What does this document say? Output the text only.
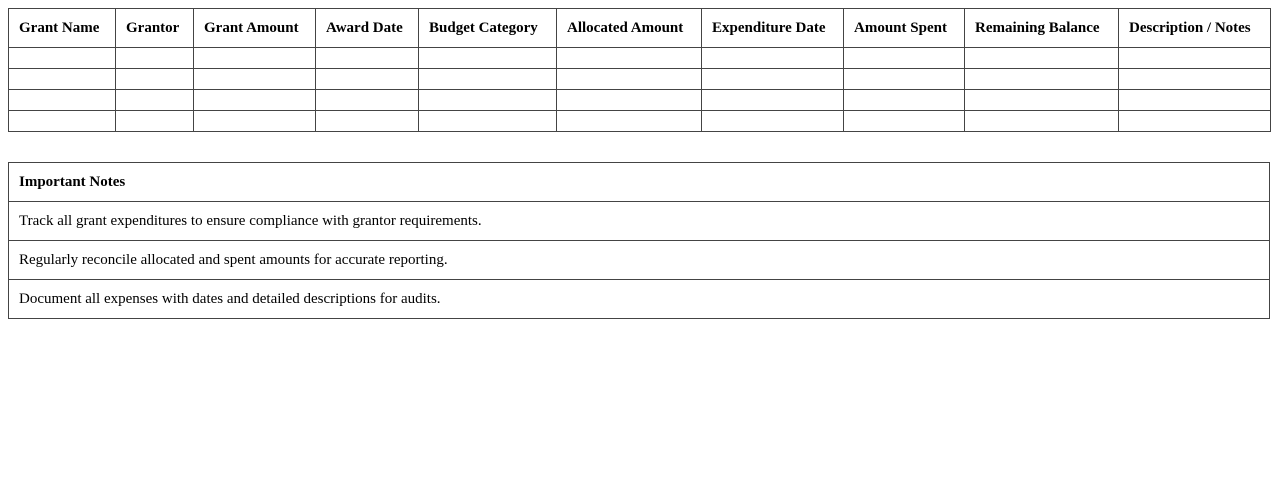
Grant Name	Grantor	Grant Amount	Award Date	Budget Category	Allocated Amount	Expenditure Date	Amount Spent	Remaining Balance	Description / Notes

Important Notes
Track all grant expenditures to ensure compliance with grantor requirements.
Regularly reconcile allocated and spent amounts for accurate reporting.
Document all expenses with dates and detailed descriptions for audits.
